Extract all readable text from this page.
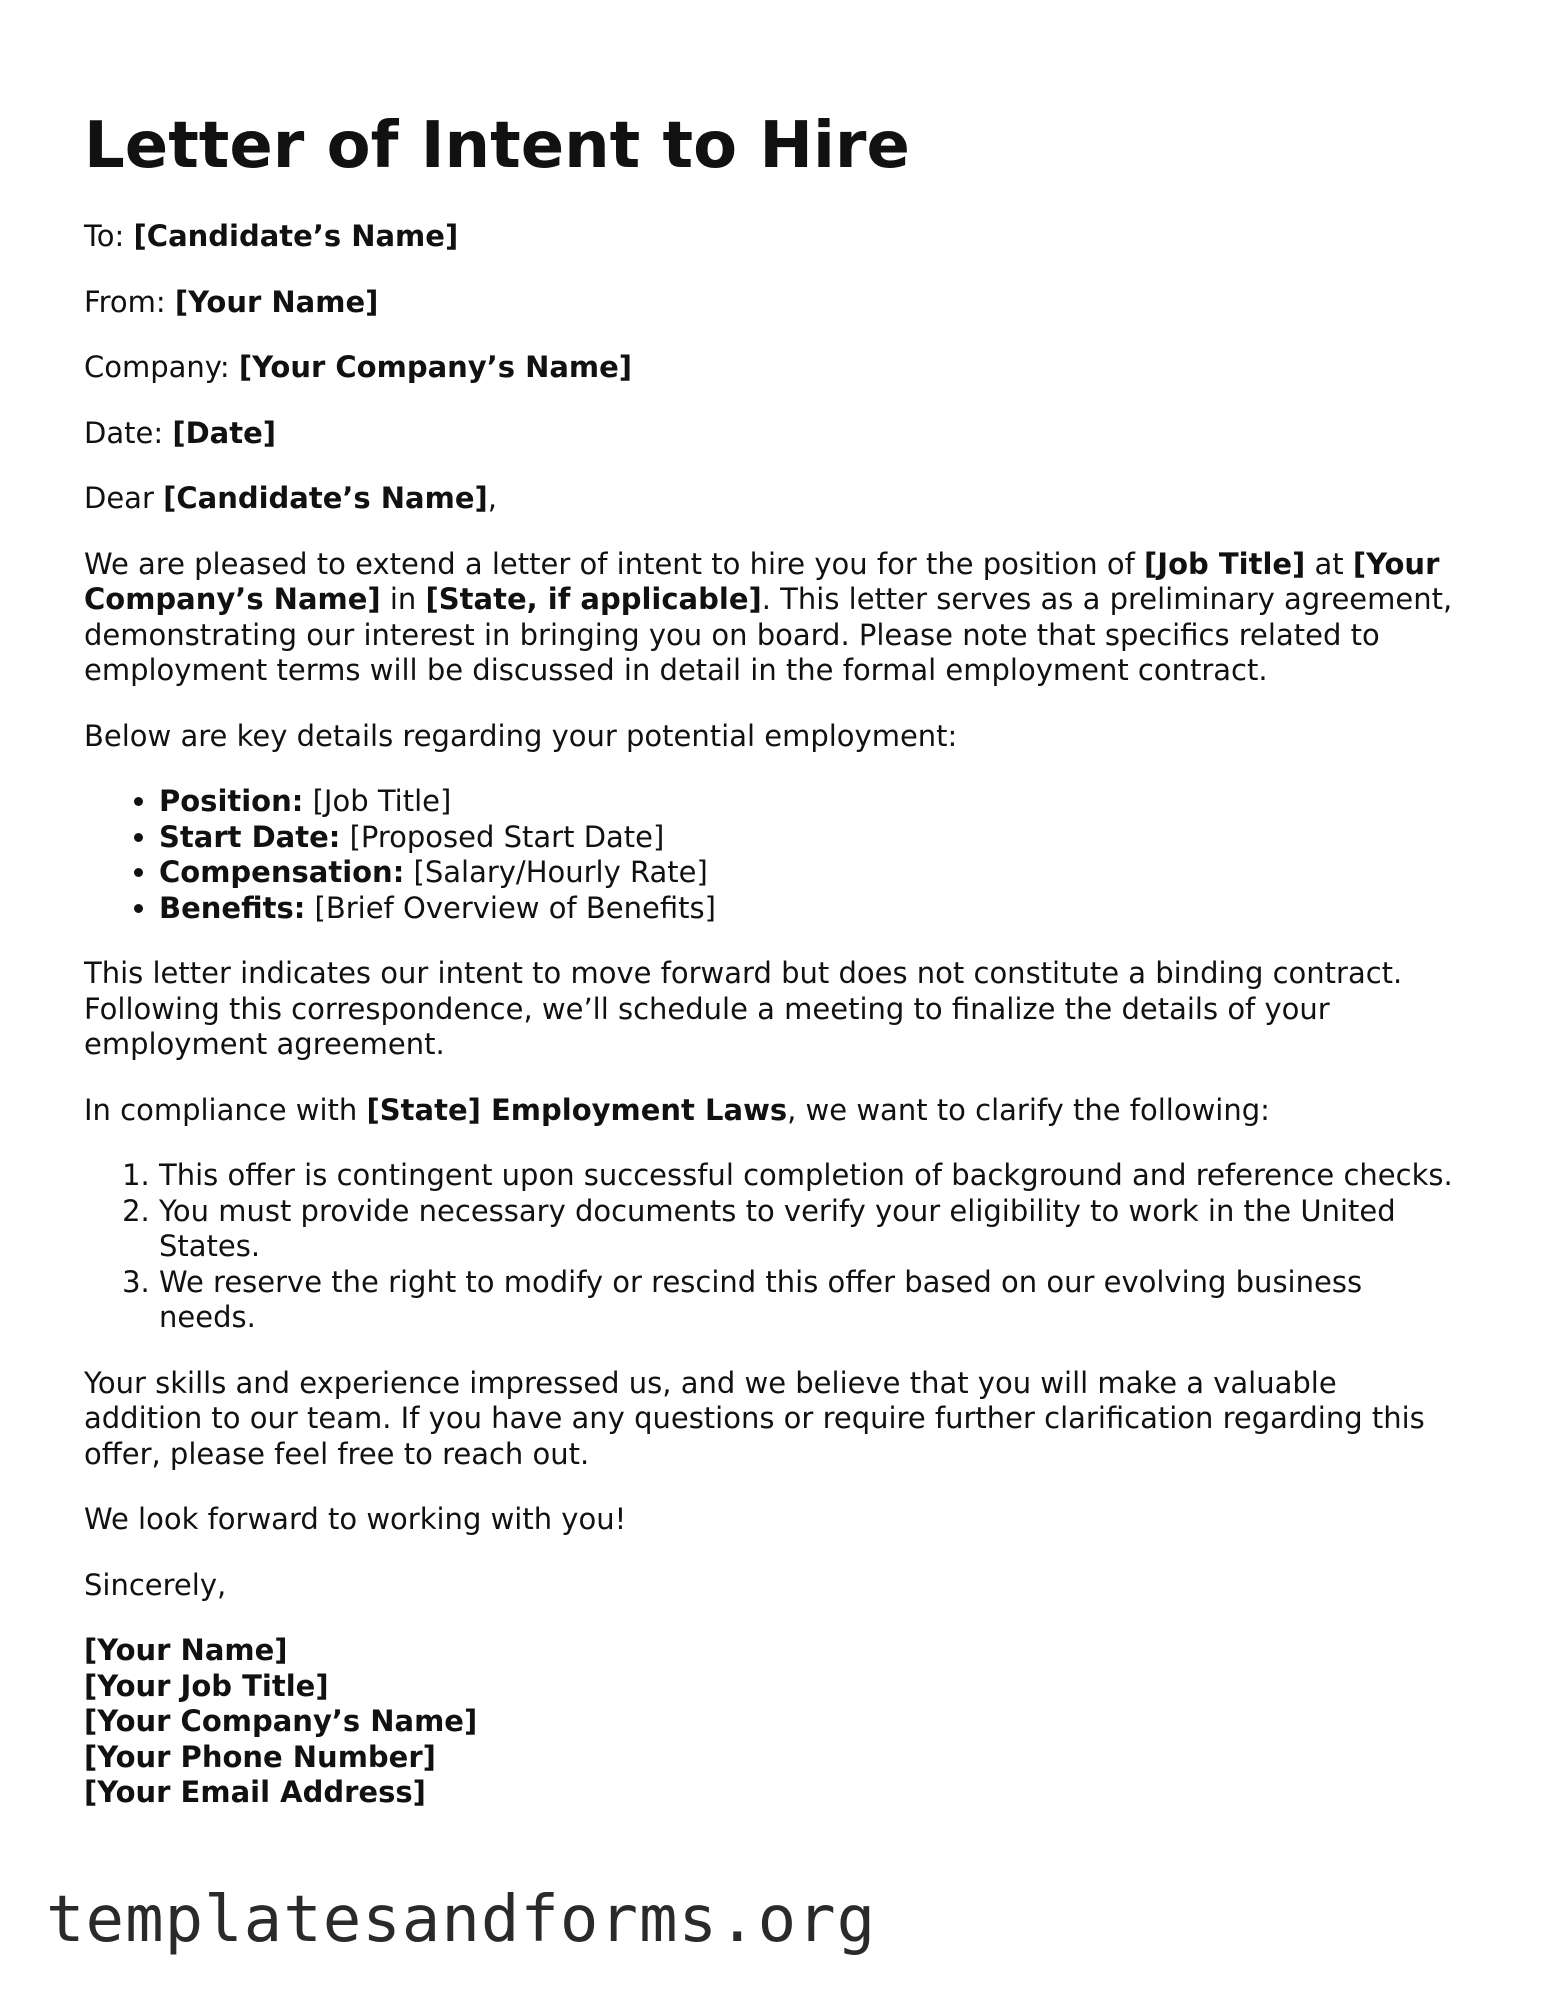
Letter of Intent to Hire

To: [Candidate’s Name]

From: [Your Name]

Company: [Your Company’s Name]

Date: [Date]

Dear [Candidate’s Name],

We are pleased to extend a letter of intent to hire you for the position of [Job Title] at [Your Company’s Name] in [State, if applicable]. This letter serves as a preliminary agreement, demonstrating our interest in bringing you on board. Please note that specifics related to employment terms will be discussed in detail in the formal employment contract.

Below are key details regarding your potential employment:

• Position: [Job Title]
• Start Date: [Proposed Start Date]
• Compensation: [Salary/Hourly Rate]
• Benefits: [Brief Overview of Benefits]

This letter indicates our intent to move forward but does not constitute a binding contract. Following this correspondence, we’ll schedule a meeting to finalize the details of your employment agreement.

In compliance with [State] Employment Laws, we want to clarify the following:

1. This offer is contingent upon successful completion of background and reference checks.
2. You must provide necessary documents to verify your eligibility to work in the United States.
3. We reserve the right to modify or rescind this offer based on our evolving business needs.

Your skills and experience impressed us, and we believe that you will make a valuable addition to our team. If you have any questions or require further clarification regarding this offer, please feel free to reach out.

We look forward to working with you!

Sincerely,

[Your Name]
[Your Job Title]
[Your Company’s Name]
[Your Phone Number]
[Your Email Address]
templatesandforms.org
